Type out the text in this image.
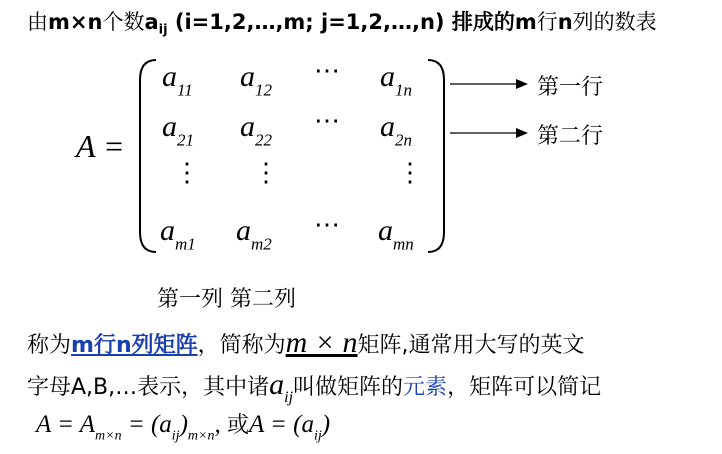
由m×n个数$a_{ij}$ (i=1,2,…,m; j=1,2,…,n) 排成的m行n列的数表
A =
$a_{11}$ $a_{12}$
⋯ $a_{1n}$
$a_{21}$ $a_{22}$
⋯ $a_{2n}$
⋮ ⋮	⋮
$a_{m1}$ $a_{m2}$
⋯ $a_{mn}$
第一行
第二行
第一列 第二列
称为m行n列矩阵，简称为m × n矩阵,通常用大写的英文
字母A,B,…表示，其中诸$a_{ij}$叫做矩阵的元素，矩阵可以简记
$A = A_{m\times n} = (a_{ij})_{m\times n}$, 或$A = (a_{ij})$
